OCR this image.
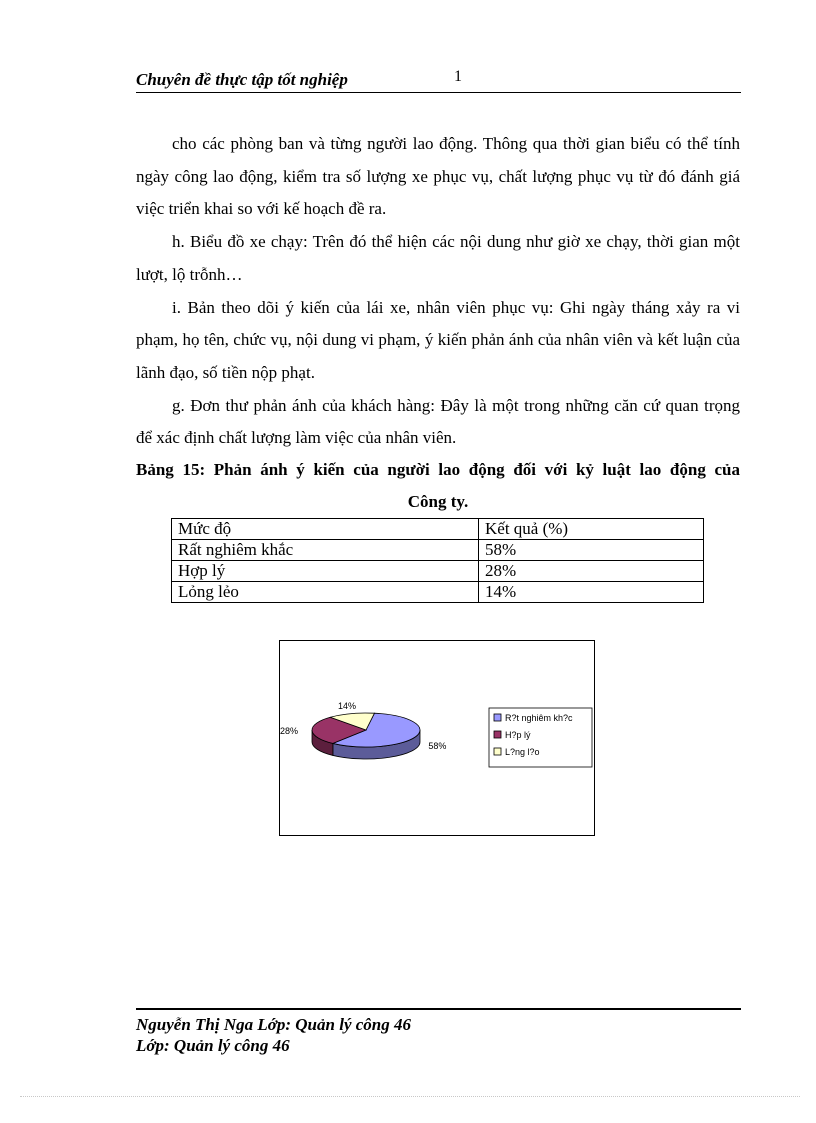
Chuyên đề thực tập tốt nghiệp	1

cho các phòng ban và từng người lao động. Thông qua thời gian biểu có thể tính ngày công lao động, kiểm tra số lượng xe phục vụ, chất lượng phục vụ từ đó đánh giá việc triển khai so với kế hoạch đề ra.

h. Biểu đồ xe chạy: Trên đó thể hiện các nội dung như giờ xe chạy, thời gian một lượt, lộ trỗnh…

i. Bản theo dõi ý kiến của lái xe, nhân viên phục vụ: Ghi ngày tháng xảy ra vi phạm, họ tên, chức vụ, nội dung vi phạm, ý kiến phản ánh của nhân viên và kết luận của lãnh đạo, số tiền nộp phạt.

g. Đơn thư phản ánh của khách hàng: Đây là một trong những căn cứ quan trọng để xác định chất lượng làm việc của nhân viên.

Bảng 15: Phản ánh ý kiến của người lao động đối với kỷ luật lao động của
Công ty.
Mức độ	Kết quả (%)
Rất nghiêm khắc	58%
Hợp lý	28%
Lỏng lẻo	14%
58%
28%
14%
R?t nghiêm kh?c
H?p lý
L?ng l?o
Nguyễn Thị Nga Lớp: Quản lý công 46
Lớp: Quản lý công 46
